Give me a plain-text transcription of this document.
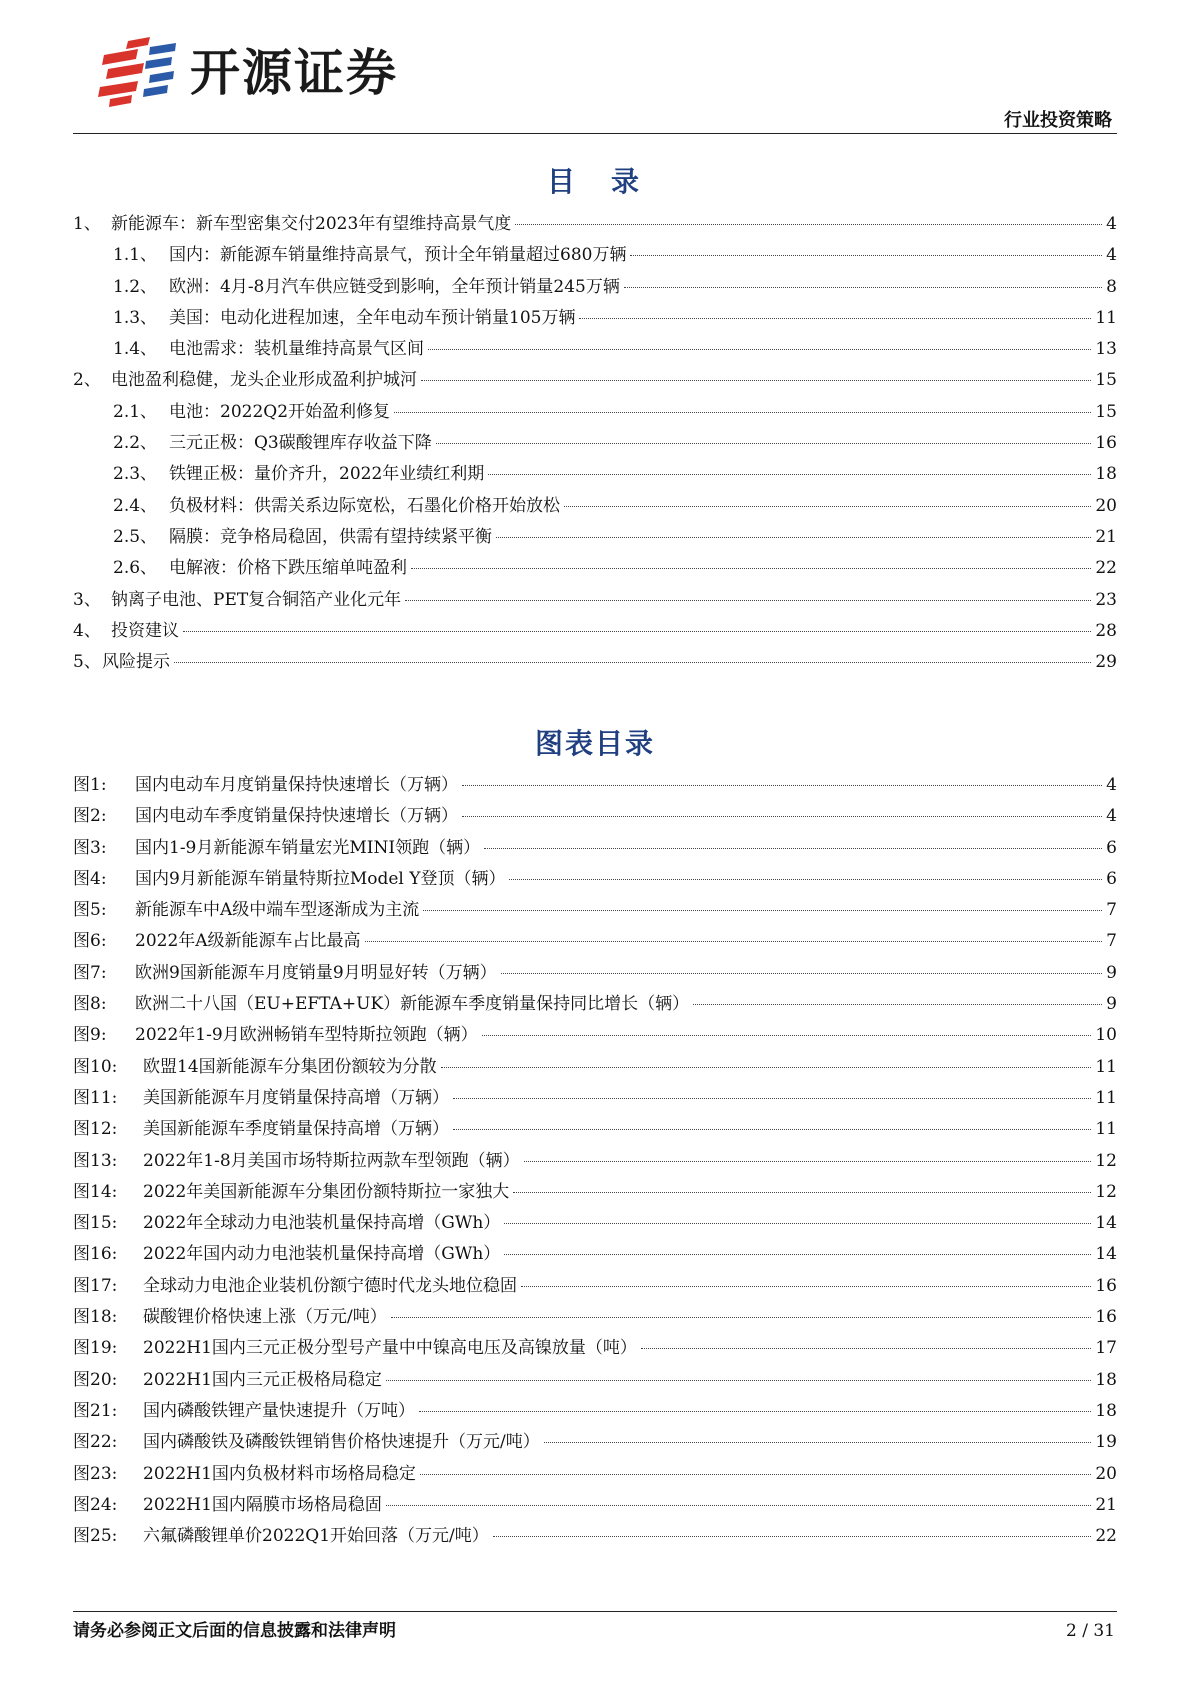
开源证券
行业投资策略
目　录
1、 新能源车：新车型密集交付2023年有望维持高景气度	4
1.1、 国内：新能源车销量维持高景气，预计全年销量超过680万辆	4
1.2、 欧洲：4月-8月汽车供应链受到影响，全年预计销量245万辆	8
1.3、 美国：电动化进程加速，全年电动车预计销量105万辆	11
1.4、 电池需求：装机量维持高景气区间	13
2、 电池盈利稳健，龙头企业形成盈利护城河	15
2.1、 电池：2022Q2开始盈利修复	15
2.2、 三元正极：Q3碳酸锂库存收益下降	16
2.3、 铁锂正极：量价齐升，2022年业绩红利期	18
2.4、 负极材料：供需关系边际宽松，石墨化价格开始放松	20
2.5、 隔膜：竞争格局稳固，供需有望持续紧平衡	21
2.6、 电解液：价格下跌压缩单吨盈利	22
3、 钠离子电池、PET复合铜箔产业化元年	23
4、 投资建议	28
5、 风险提示	29
图表目录
图1:	国内电动车月度销量保持快速增长（万辆）	4
图2:	国内电动车季度销量保持快速增长（万辆）	4
图3:	国内1-9月新能源车销量宏光MINI领跑（辆）	6
图4:	国内9月新能源车销量特斯拉Model Y登顶（辆）	6
图5:	新能源车中A级中端车型逐渐成为主流	7
图6:	2022年A级新能源车占比最高	7
图7:	欧洲9国新能源车月度销量9月明显好转（万辆）	9
图8:	欧洲二十八国（EU+EFTA+UK）新能源车季度销量保持同比增长（辆）	9
图9:	2022年1-9月欧洲畅销车型特斯拉领跑（辆）	10
图10:	欧盟14国新能源车分集团份额较为分散	11
图11:	美国新能源车月度销量保持高增（万辆）	11
图12:	美国新能源车季度销量保持高增（万辆）	11
图13:	2022年1-8月美国市场特斯拉两款车型领跑（辆）	12
图14:	2022年美国新能源车分集团份额特斯拉一家独大	12
图15:	2022年全球动力电池装机量保持高增（GWh）	14
图16:	2022年国内动力电池装机量保持高增（GWh）	14
图17:	全球动力电池企业装机份额宁德时代龙头地位稳固	16
图18:	碳酸锂价格快速上涨（万元/吨）	16
图19:	2022H1国内三元正极分型号产量中中镍高电压及高镍放量（吨）	17
图20:	2022H1国内三元正极格局稳定	18
图21:	国内磷酸铁锂产量快速提升（万吨）	18
图22:	国内磷酸铁及磷酸铁锂销售价格快速提升（万元/吨）	19
图23:	2022H1国内负极材料市场格局稳定	20
图24:	2022H1国内隔膜市场格局稳固	21
图25:	六氟磷酸锂单价2022Q1开始回落（万元/吨）	22
请务必参阅正文后面的信息披露和法律声明	2 / 31
